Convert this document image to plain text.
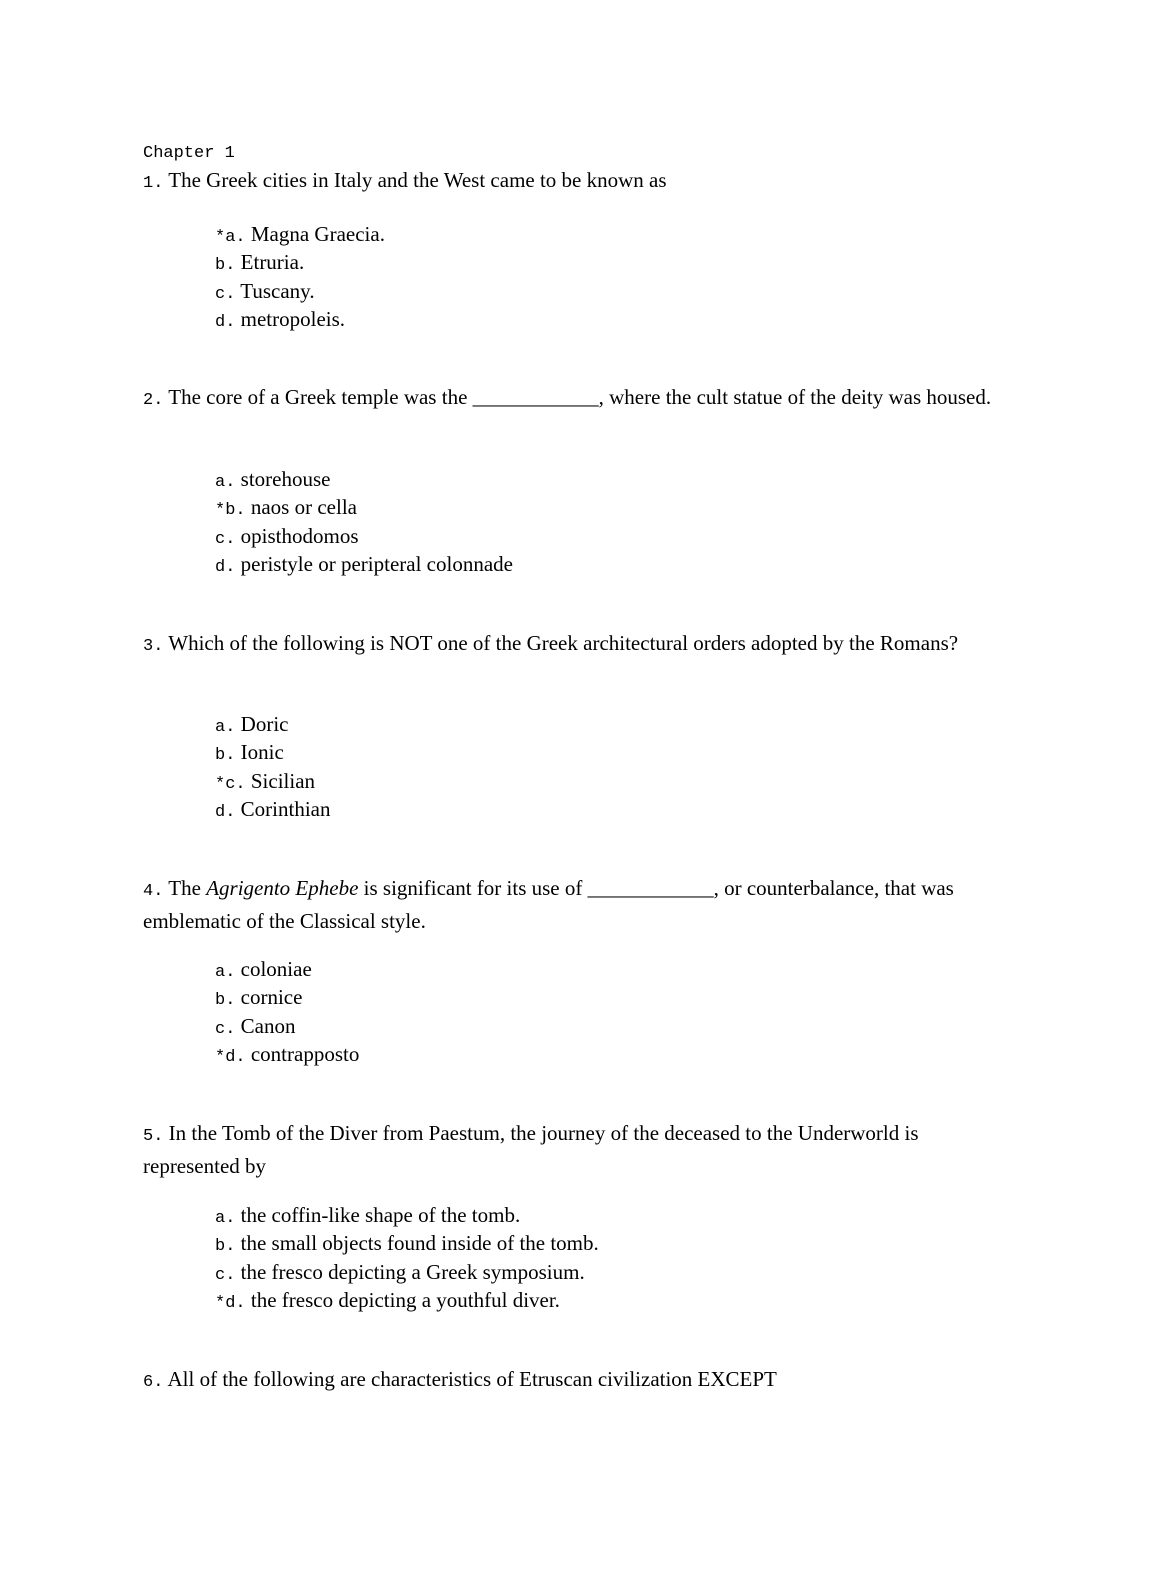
Chapter 1
1. The Greek cities in Italy and the West came to be known as
*a. Magna Graecia.
b. Etruria.
c. Tuscany.
d. metropoleis.
2. The core of a Greek temple was the ____________, where the cult statue of the deity was housed.
a. storehouse
*b. naos or cella
c. opisthodomos
d. peristyle or peripteral colonnade
3. Which of the following is NOT one of the Greek architectural orders adopted by the Romans?
a. Doric
b. Ionic
*c. Sicilian
d. Corinthian
4. The Agrigento Ephebe is significant for its use of ____________, or counterbalance, that was emblematic of the Classical style.
a. coloniae
b. cornice
c. Canon
*d. contrapposto
5. In the Tomb of the Diver from Paestum, the journey of the deceased to the Underworld is represented by
a. the coffin-like shape of the tomb.
b. the small objects found inside of the tomb.
c. the fresco depicting a Greek symposium.
*d. the fresco depicting a youthful diver.
6. All of the following are characteristics of Etruscan civilization EXCEPT
